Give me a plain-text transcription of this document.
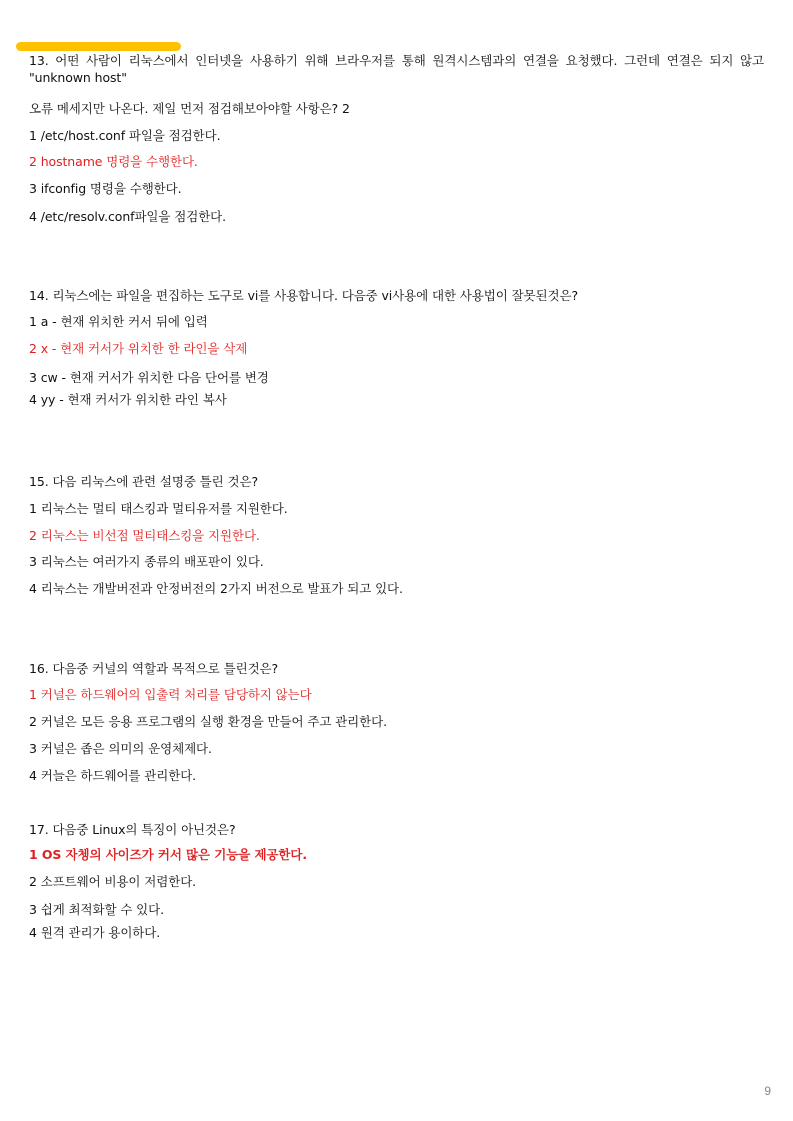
13. 어떤 사람이 리눅스에서 인터넷을 사용하기 위해 브라우저를 통해 원격시스템과의 연결을 요청했다. 그런데 연결은 되지 않고 "unknown host"
오류 메세지만 나온다. 제일 먼저 점검해보아야할 사항은? 2
1 /etc/host.conf 파일을 점검한다.
2 hostname 명령을 수행한다.
3 ifconfig 명령을 수행한다.
4 /etc/resolv.conf파일을 점검한다.
14. 리눅스에는 파일을 편집하는 도구로 vi를 사용합니다. 다음중 vi사용에 대한 사용법이 잘못된것은?
1 a - 현재 위치한 커서 뒤에 입력
2 x - 현재 커서가 위치한 한 라인을 삭제
3 cw - 현재 커서가 위치한 다음 단어를 변경
4 yy - 현재 커서가 위치한 라인 복사
15. 다음 리눅스에 관련 설명중 틀린 것은?
1 리눅스는 멀티 태스킹과 멀티유저를 지원한다.
2 리눅스는 비선점 멀티태스킹을 지원한다.
3 리눅스는 여러가지 종류의 배포판이 있다.
4 리눅스는 개발버전과 안정버전의 2가지 버전으로 발표가 되고 있다.
16. 다음중 커널의 역할과 목적으로 틀린것은?
1 커널은 하드웨어의 입출력 처리를 담당하지 않는다
2 커널은 모든 응용 프로그램의 실행 환경을 만들어 주고 관리한다.
3 커널은 좁은 의미의 운영체제다.
4 커늘은 하드웨어를 관리한다.
17. 다음중 Linux의 특징이 아닌것은?
1 OS 자쳉의 사이즈가 커서 많은 기능을 제공한다.
2 소프트웨어 비용이 저렴한다.
3 쉽게 최적화할 수 있다.
4 원격 관리가 용이하다.
9
